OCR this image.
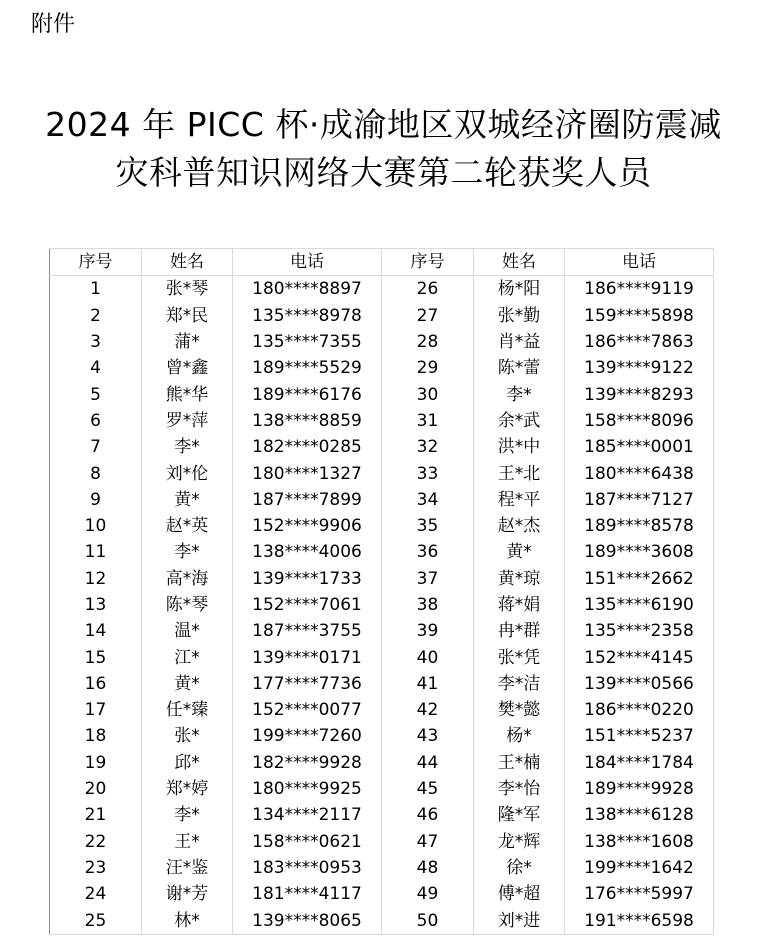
附件
2024 年 PICC 杯·成渝地区双城经济圈防震减
灾科普知识网络大赛第二轮获奖人员
序号	姓名	电话	序号	姓名	电话
1	张*琴	180****8897	26	杨*阳	186****9119
2	郑*民	135****8978	27	张*勤	159****5898
3	蒲*	135****7355	28	肖*益	186****7863
4	曾*鑫	189****5529	29	陈*蕾	139****9122
5	熊*华	189****6176	30	李*	139****8293
6	罗*萍	138****8859	31	余*武	158****8096
7	李*	182****0285	32	洪*中	185****0001
8	刘*伦	180****1327	33	王*北	180****6438
9	黄*	187****7899	34	程*平	187****7127
10	赵*英	152****9906	35	赵*杰	189****8578
11	李*	138****4006	36	黄*	189****3608
12	高*海	139****1733	37	黄*琼	151****2662
13	陈*琴	152****7061	38	蒋*娟	135****6190
14	温*	187****3755	39	冉*群	135****2358
15	江*	139****0171	40	张*凭	152****4145
16	黄*	177****7736	41	李*洁	139****0566
17	任*臻	152****0077	42	樊*懿	186****0220
18	张*	199****7260	43	杨*	151****5237
19	邱*	182****9928	44	王*楠	184****1784
20	郑*婷	180****9925	45	李*怡	189****9928
21	李*	134****2117	46	隆*军	138****6128
22	王*	158****0621	47	龙*辉	138****1608
23	汪*鉴	183****0953	48	徐*	199****1642
24	谢*芳	181****4117	49	傅*超	176****5997
25	林*	139****8065	50	刘*进	191****6598
